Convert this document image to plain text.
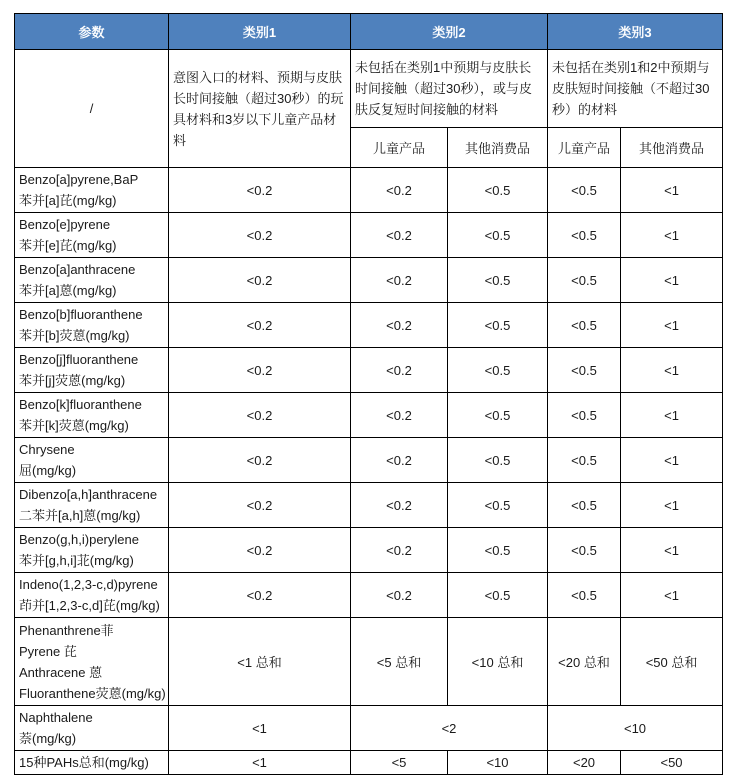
参数	类别1	类别2		类别3	
/	意图入口的材料、预期与皮肤长时间接触（超过30秒）的玩具材料和3岁以下儿童产品材料	未包括在类别1中预期与皮肤长时间接触（超过30秒），或与皮肤反复短时间接触的材料		未包括在类别1和2中预期与皮肤短时间接触（不超过30秒）的材料	
		儿童产品	其他消费品	儿童产品	其他消费品

Benzo[a]pyrene,BaP
苯并[a]芘(mg/kg)	<0.2	<0.2	<0.5	<0.5	<1

Benzo[e]pyrene
苯并[e]芘(mg/kg)	<0.2	<0.2	<0.5	<0.5	<1

Benzo[a]anthracene
苯并[a]蒽(mg/kg)	<0.2	<0.2	<0.5	<0.5	<1

Benzo[b]fluoranthene
苯并[b]荧蒽(mg/kg)	<0.2	<0.2	<0.5	<0.5	<1

Benzo[j]fluoranthene
苯并[j]荧蒽(mg/kg)	<0.2	<0.2	<0.5	<0.5	<1

Benzo[k]fluoranthene
苯并[k]荧蒽(mg/kg)	<0.2	<0.2	<0.5	<0.5	<1

Chrysene
屈(mg/kg)	<0.2	<0.2	<0.5	<0.5	<1

Dibenzo[a,h]anthracene
二苯并[a,h]蒽(mg/kg)	<0.2	<0.2	<0.5	<0.5	<1

Benzo(g,h,i)perylene
苯并[g,h,i]苝(mg/kg)	<0.2	<0.2	<0.5	<0.5	<1

Indeno(1,2,3-c,d)pyrene
茚并[1,2,3-c,d]芘(mg/kg)	<0.2	<0.2	<0.5	<0.5	<1

Phenanthrene菲
Pyrene 芘
Anthracene 蒽
Fluoranthene荧蒽(mg/kg)	<1 总和	<5 总和	<10 总和	<20 总和	<50 总和

Naphthalene
萘(mg/kg)	<1	<2		<10	
15种PAHs总和(mg/kg)	<1	<5	<10	<20	<50
